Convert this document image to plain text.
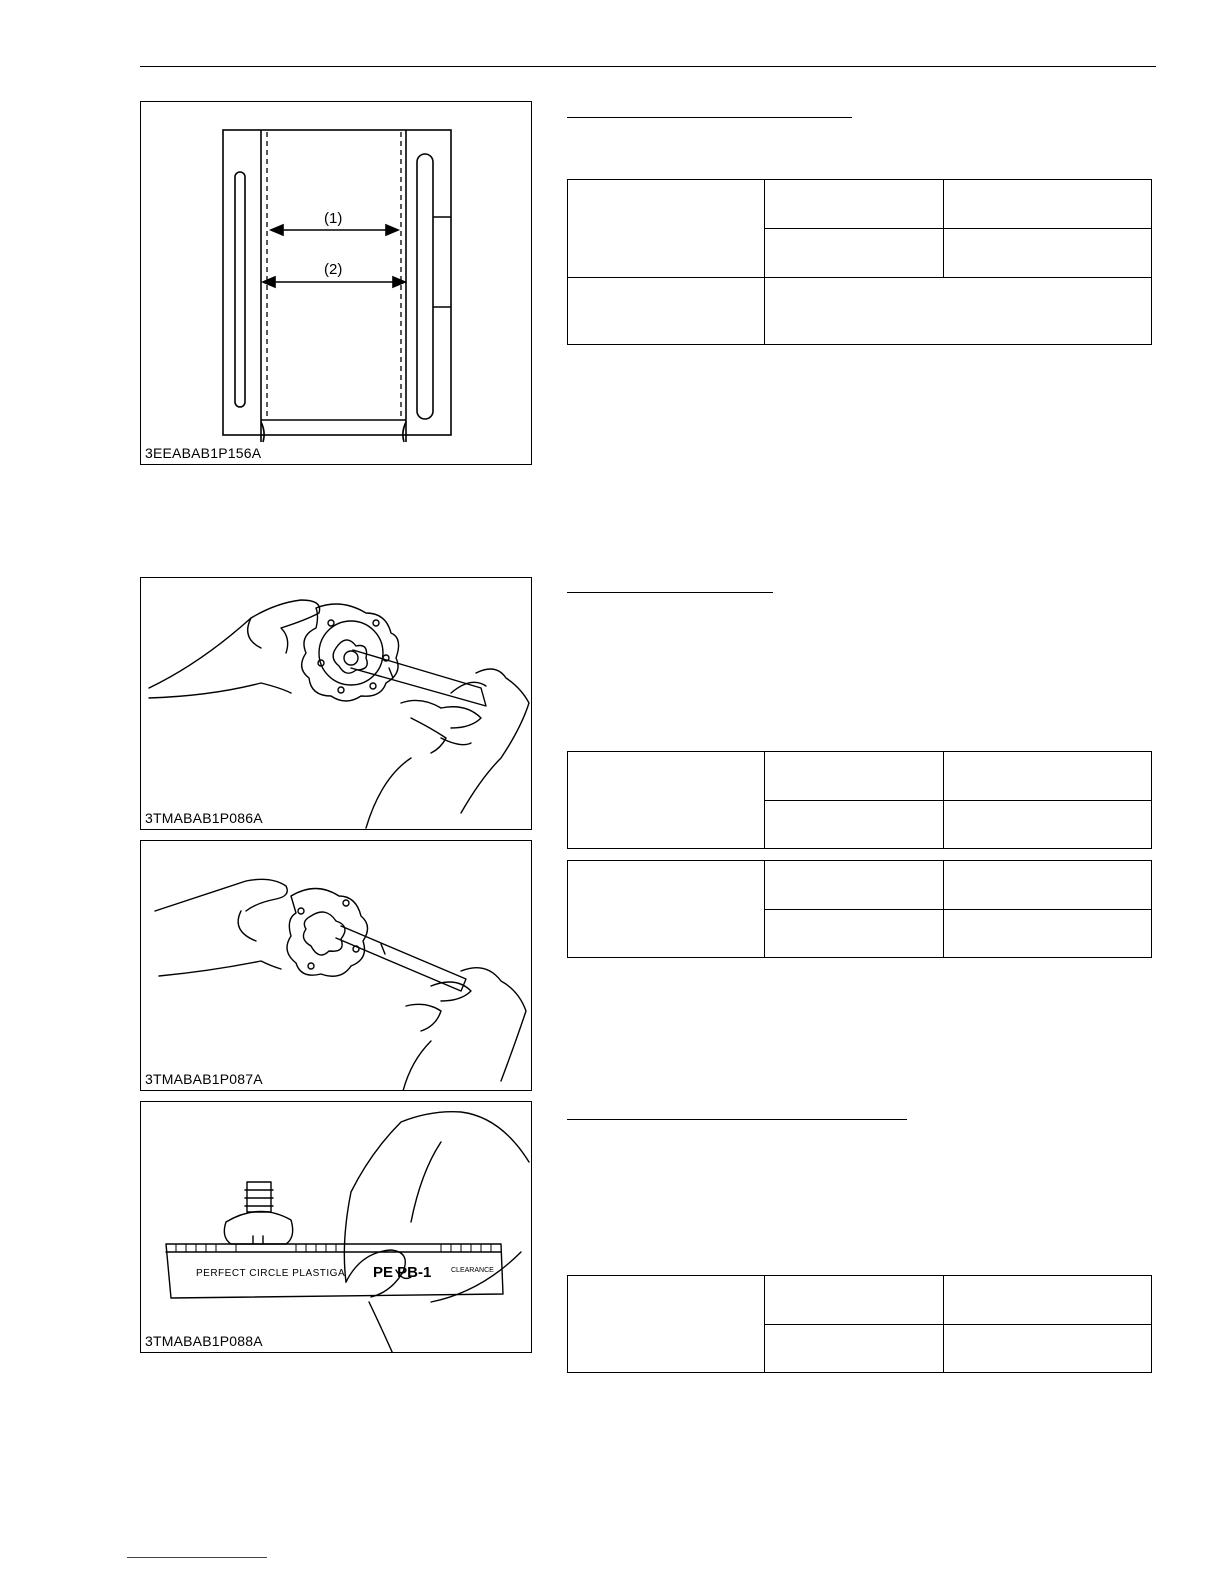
(1)
(2)
3EEABAB1P156A

3TMABAB1P086A

3TMABAB1P087A
PERFECT CIRCLE PLASTIGA PE PB-1	CLEARANCE
3TMABAB1P088A
